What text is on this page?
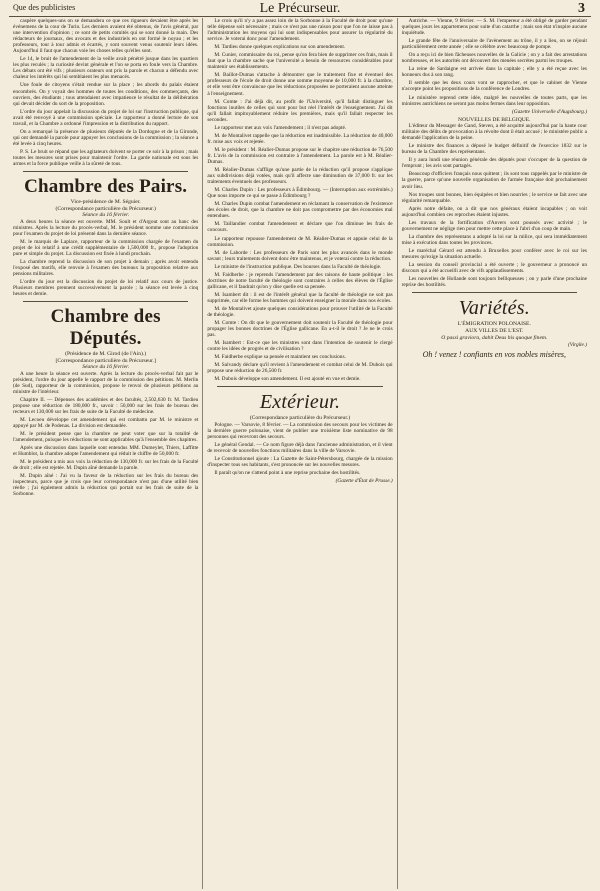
Que des publicistes	Le Précurseur.	3

caspère quelques-uns on se demandera ce que ces rigueurs devaient être après les événemens de la cour de Turin. Les derniers avaient été obtenus, de l'avis général, par une intervention d'opinion ; ce sont de petits comités qui se sont donné la main. Des rédacteurs de journaux, des avocats et des industriels en ont formé le noyau ; et les professeurs, tour à tour admis et écartés, y sont souvent venus soutenir leurs idées. Aujourd'hui il faut que chacun voie les choses telles qu'elles sont.

Le 14, le bruit de l'amendement de la veille avait pénétré jusque dans les quartiers les plus reculés ; la curiosité devint générale et l'on se porta en foule vers la Chambre. Les débats ont été vifs ; plusieurs orateurs ont pris la parole et chacun a défendu avec chaleur les intérêts qui lui semblaient les plus menacés.

Une foule de citoyens s'était rendue sur la place ; les abords du palais étaient encombrés. On y voyait des hommes de toutes les conditions, des commerçants, des ouvriers, des étudiants ; tous attendaient avec impatience le résultat de la délibération qui devait décider du sort de la proposition.

L'ordre du jour appelait la discussion du projet de loi sur l'instruction publique, qui avait été renvoyé à une commission spéciale. Le rapporteur a donné lecture de son travail, et la Chambre a ordonné l'impression et la distribution du rapport.

On a remarqué la présence de plusieurs députés de la Dordogne et de la Gironde, qui ont demandé la parole pour appuyer les conclusions de la commission ; la séance a été levée à cinq heures.

P. S. Le bruit se répand que les agitateurs doivent se porter ce soir à la prison ; mais toutes les mesures sont prises pour maintenir l'ordre. La garde nationale est sous les armes et la force publique veille à la sûreté de tous.

Chambre des Pairs.
Vice-présidence de M. Séguier.
(Correspondance particulière du Précurseur.)
Séance du 16 février.

A deux heures la séance est ouverte. MM. Soult et d'Argout sont au banc des ministres. Après la lecture du procès-verbal, M. le président nomme une commission pour l'examen du projet de loi présenté dans la dernière séance.

M. le marquis de Laplace, rapporteur de la commission chargée de l'examen du projet de loi relatif à une crédit supplémentaire de 1,500,000 fr., propose l'adoption pure et simple du projet. La discussion est fixée à lundi prochain.

La chambre reprend la discussion de son projet à demain ; après avoir entendu l'exposé des motifs, elle renvoie à l'examen des bureaux la proposition relative aux pensions militaires.

L'ordre du jour est la discussion du projet de loi relatif aux cours de justice. Plusieurs membres prennent successivement la parole ; la séance est levée à cinq heures et demie.

Chambre des Députés.
(Présidence de M. Girod (de l'Ain).)
[Correspondance particulière du Précurseur.]
Séance du 16 février.

A une heure la séance est ouverte. Après la lecture du procès-verbal fait par le président, l'ordre du jour appelle le rapport de la commission des pétitions. M. Merlin (de Sud), rapporteur de la commission, propose le renvoi de plusieurs pétitions au ministre de l'intérieur.

Chapitre II. — Dépenses des académies et des facultés, 2,502,630 fr. M. Tardieu propose une réduction de 180,000 fr., savoir : 50,000 sur les frais de bureau des recteurs et 130,000 sur les frais de suite de la Faculté de médecine.

M. Lecoeu développe cet amendement qui est combattu par M. le ministre et appuyé par M. de Podenas. La division est demandée.

M. le président pense que la chambre ne peut voter que sur la totalité de l'amendement, puisque les réductions ne sont applicables qu'à l'ensemble des chapitres.

Après une discussion dans laquelle sont entendus MM. Dumeylet, Thiers, Laffitte et Humblot, la chambre adopte l'amendement qui réduit le chiffre de 50,000 fr.

M. le président a mis aux voix la réduction de 130,000 fr. sur les frais de la Faculté de droit ; elle est rejetée. M. Dupin aîné demande la parole.

M. Dupin aîné : J'ai vu la faveur de la réduction sur les frais du bureau des inspecteurs, parce que je crois que leur correspondance n'est pas d'une utilité bien réelle ; j'ai également admis la réduction qui portait sur les frais de suite de la Sorbonne.

Le crois qu'il n'y a pas assez loin de la Sorbonne à la Faculté de droit pour qu'une telle dépense soit nécessaire ; mais ce n'est pas une raison pour que l'on ne laisse pas à l'administration les moyens qui lui sont indispensables pour assurer la régularité du service. Je voterai donc pour l'amendement.

M. Tardieu donne quelques explications sur son amendement.

M. Cunier, commissaire du roi, pense qu'on fera bien de supprimer ces frais, mais il faut que la chambre sache que l'université a besoin de ressources considérables pour maintenir ses établissements.

M. Baillot-Dumas s'attache à démontrer que le traitement fixe et éventuel des professeurs de l'école de droit donne une somme moyenne de 10,000 fr. à la chambre, et elle vent être convaincue que les réductions proposées ne porteraient aucune atteinte à l'enseignement.

M. Comte : J'ai déjà dit, au profit de l'Université, qu'il fallait distinguer les fonctions inutiles de celles qui sont pour but réel l'intérêt de l'enseignement. J'ai dit qu'il fallait impitoyablement réduire les premières, mais qu'il fallait respecter les secondes.

Le rapporteur met aux voix l'amendement ; il n'est pas adopté.

M. de Montalivet rappelle que la réduction est inadmissible. La réduction de 40,000 fr. mise aux voix et rejetée.

M. le président : M. Réalier-Dumas propose sur le chapitre une réduction de 76,500 fr. L'avis de la commission est contraire à l'amendement. La parole est à M. Réalier-Dumas.

M. Réalier-Dumas s'afflige qu'une partie de la réduction qu'il propose s'applique aux subdivisions déjà votées, mais qu'il affecte une diminution de 37,000 fr. sur les traitements éventuels des professeurs.

M. Charles Dupin : Les professeurs à Édimbourg. — (Interruption aux extrémités.) Que nous importe ce qui se passe à Édimbourg ?

M. Charles Dupin combat l'amendement en réclamant la conservation de l'existence des écoles de droit, que la chambre ne doit pas compromettre par des économies mal entendues.

M. Taillandier combat l'amendement et déclare que l'on diminue les frais de concours.

Le rapporteur repousse l'amendement de M. Réalier-Dumas et appuie celui de la commission.

M. de Laborde : Les professeurs de Paris sont les plus avancés dans le monde savant ; leurs traitements doivent donc être maintenus, et je voterai contre la réduction.

Le ministre de l'instruction publique. Des bourses dans la Faculté de théologie.

M. Faidherbe : je reprends l'amendement par des raisons de haute politique : les doctrines de notre faculté de théologie sont contraires à celles des élèves de l'Église gallicane, et il faudrait qu'on y dise quelle est sa pensée.

M. Isambert dit : il est de l'intérêt général que la faculté de théologie ne soit pas supprimée, car elle forme les hommes qui doivent enseigner la morale dans nos écoles.

M. de Montalivet ajoute quelques considérations pour prouver l'utilité de la Faculté de théologie.

M. Comte : On dit que le gouvernement doit soutenir la Faculté de théologie pour propager les bonnes doctrines de l'Église gallicane. En a-t-il le droit ? Je ne le crois pas.

M. Isambert : Est-ce que les ministres sont dans l'intention de soutenir le clergé contre les idées de progrès et de civilisation ?

M. Faidherbe explique sa pensée et maintient ses conclusions.

M. Salvandy déclare qu'il revient à l'amendement et combat celui de M. Dubois qui propose une réduction de 26,500 fr.

M. Dubois développe son amendement. Il est ajouté en vue et demie.

Extérieur.
(Correspondance particulière du Précurseur.)

Pologne. — Varsovie, 8 février. — La commission des secours pour les victimes de la dernière guerre polonaise, vient de publier une troisième liste nominative de 98 personnes qui recevront des secours.

Le général Gendal. — Ce nom figure déjà dans l'ancienne administration, et il vient de recevoir de nouvelles fonctions militaires dans la ville de Varsovie.

Le Constitutionnel ajoute : La Gazette de Saint-Pétersbourg, chargée de la mission d'inspecter tous ses habitants, s'est prononcée sur les nouvelles mesures.

Il paraît qu'on ne s'attend point à une reprise prochaine des hostilités.

(Gazette d'État de Prusse.)

Autriche. — Vienne, 9 février. — S. M. l'empereur a été obligé de garder pendant quelques jours les appartemens pour suite d'un catarrhe ; mais son état n'inspire aucune inquiétude.

Le grande fête de l'anniversaire de l'avènement au trône, il y a lieu, on se réjouit particulièrement cette année ; elle se célèbre avec beaucoup de pompe.

On a reçu ici de bien fâcheuses nouvelles de la Galicie ; on y a fait des arrestations nombreuses, et les autorités ont découvert des menées secrètes parmi les troupes.

La reine de Sardaigne est arrivée dans la capitale ; elle y a été reçue avec les honneurs dus à son rang.

Il semble que les deux cours vont se rapprocher, et que le cabinet de Vienne n'accepte point les propositions de la conférence de Londres.

Le ministère reprend cette idée, malgré les nouvelles de toutes parts, que les ministres autrichiens ne seront pas moins fermes dans leur opposition.

(Gazette Universelle d'Augsbourg.)
NOUVELLES DE BELGIQUE.

L'éditeur du Messager de Gand, Steven, a été acquitté aujourd'hui par la haute cour militaire des délits de provocation à la révolte dont il était accusé ; le ministère public a demandé l'application de la peine.

Le ministre des finances a déposé le budget définitif de l'exercice 1832 sur le bureau de la Chambre des représentans.

Il y aura lundi une réunion générale des députés pour s'occuper de la question de l'emprunt ; les avis sont partagés.

Beaucoup d'officiers français nous quittent ; ils sont tous rappelés par le ministre de la guerre, parce qu'une nouvelle organisation de l'armée française doit prochainement avoir lieu.

Nos troupes sont bonnes, bien équipées et bien nourries ; le service se fait avec une régularité remarquable.

Après notre défaite, on a dit que nos généraux étaient incapables ; on voit aujourd'hui combien ces reproches étaient injustes.

Les travaux de la fortification d'Anvers sont poussés avec activité ; le gouvernement ne néglige rien pour mettre cette place à l'abri d'un coup de main.

La chambre des représentans a adopté la loi sur la milice, qui sera immédiatement mise à exécution dans toutes les provinces.

Le maréchal Gérard est attendu à Bruxelles pour conférer avec le roi sur les mesures qu'exige la situation actuelle.

La session du conseil provincial a été ouverte ; le gouverneur a prononcé un discours qui a été accueilli avec de vifs applaudissements.

Les nouvelles de Hollande sont toujours belliqueuses ; on y parle d'une prochaine reprise des hostilités.

Variétés.
L'ÉMIGRATION POLONAISE.
AUX VILLES DE L'EST.
O passi graviora, dabit Deus his quoque finem.
(Virgile.)
Oh ! venez ! confiants en vos nobles misères,
